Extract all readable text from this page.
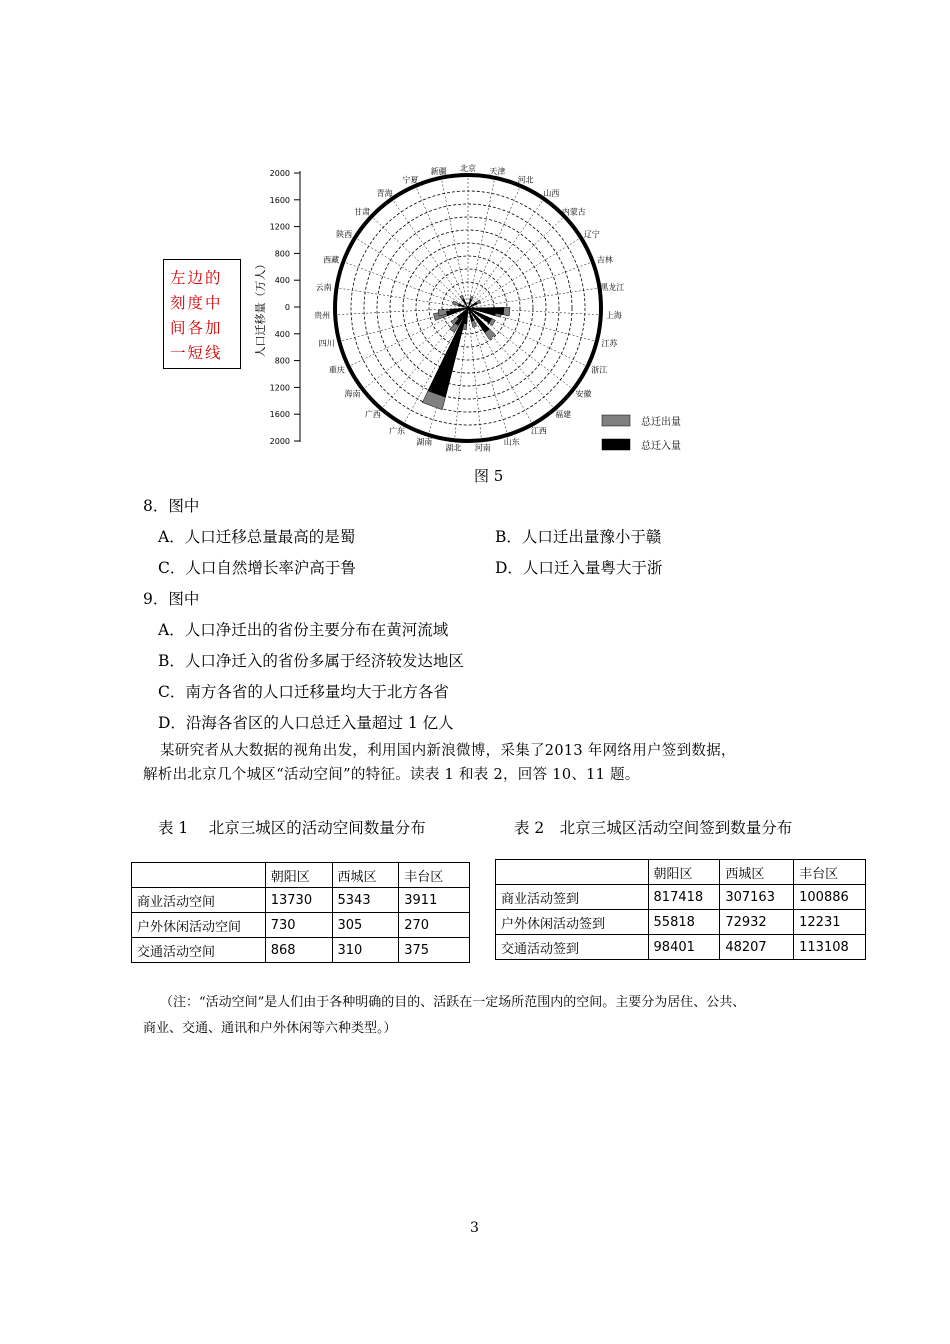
2000
1600
1200
800
400
0
400
800
1200
1600
2000
人口迁移量（万人）
北京 天津
河北
山西
内蒙古
辽宁
吉林
黑龙江
上海
江苏
浙江
安徽
福建
江西
山东
河南
湖北
湖南
广东
广西
海南
重庆
四川
贵州
云南
西藏
陕西
甘肃
青海
宁夏
新疆
总迁出量
总迁入量
左边的
刻度中
间各加
一短线
图 5
8．图中
A．人口迁移总量最高的是蜀	B．人口迁出量豫小于赣
C．人口自然增长率沪高于鲁	D．人口迁入量粤大于浙
9．图中
A．人口净迁出的省份主要分布在黄河流域
B．人口净迁入的省份多属于经济较发达地区
C．南方各省的人口迁移量均大于北方各省
D．沿海各省区的人口总迁入量超过 1 亿人
某研究者从大数据的视角出发，利用国内新浪微博，采集了2013 年网络用户签到数据，
解析出北京几个城区“活动空间”的特征。读表 1 和表 2，回答 10、11 题。
表 1　 北京三城区的活动空间数量分布	表 2　北京三城区活动空间签到数量分布
	朝阳区	西城区	丰台区
商业活动空间	13730	5343	3911
户外休闲活动空间	730	305	270
交通活动空间	868	310	375
	朝阳区	西城区	丰台区
商业活动签到	817418	307163	100886
户外休闲活动签到	55818	72932	12231
交通活动签到	98401	48207	113108
（注：“活动空间”是人们由于各种明确的目的、活跃在一定场所范围内的空间。主要分为居住、公共、
商业、交通、通讯和户外休闲等六种类型。）
3
